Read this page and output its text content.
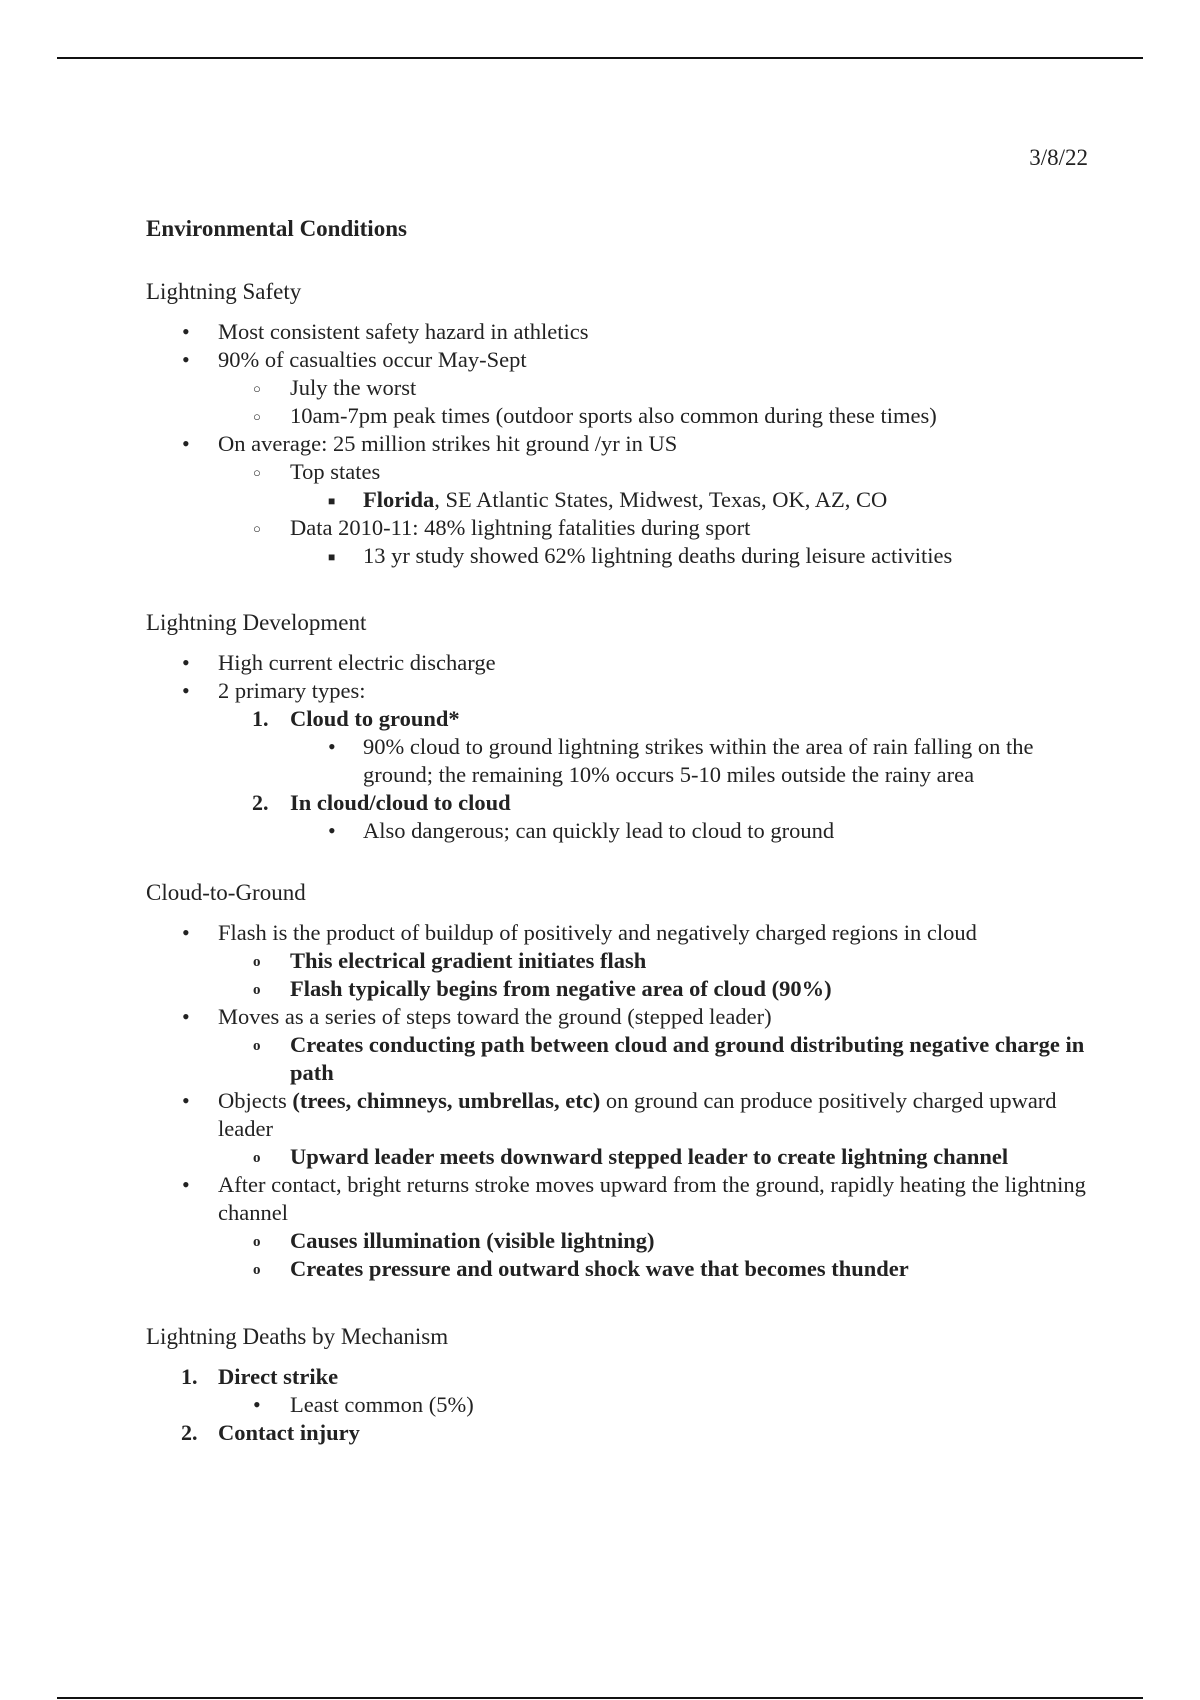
3/8/22
Environmental Conditions
Lightning Safety
• Most consistent safety hazard in athletics
• 90% of casualties occur May-Sept
○ July the worst
○ 10am-7pm peak times (outdoor sports also common during these times)
• On average: 25 million strikes hit ground /yr in US
○ Top states
■ Florida, SE Atlantic States, Midwest, Texas, OK, AZ, CO
○ Data 2010-11: 48% lightning fatalities during sport
■ 13 yr study showed 62% lightning deaths during leisure activities
Lightning Development
• High current electric discharge
• 2 primary types:
1. Cloud to ground*
• 90% cloud to ground lightning strikes within the area of rain falling on the ground; the remaining 10% occurs 5-10 miles outside the rainy area
2. In cloud/cloud to cloud
• Also dangerous; can quickly lead to cloud to ground
Cloud-to-Ground
• Flash is the product of buildup of positively and negatively charged regions in cloud
o This electrical gradient initiates flash
o Flash typically begins from negative area of cloud (90%)
• Moves as a series of steps toward the ground (stepped leader)
o Creates conducting path between cloud and ground distributing negative charge in path
• Objects (trees, chimneys, umbrellas, etc) on ground can produce positively charged upward leader
o Upward leader meets downward stepped leader to create lightning channel
• After contact, bright returns stroke moves upward from the ground, rapidly heating the lightning channel
o Causes illumination (visible lightning)
o Creates pressure and outward shock wave that becomes thunder
Lightning Deaths by Mechanism
1. Direct strike
• Least common (5%)
2. Contact injury
